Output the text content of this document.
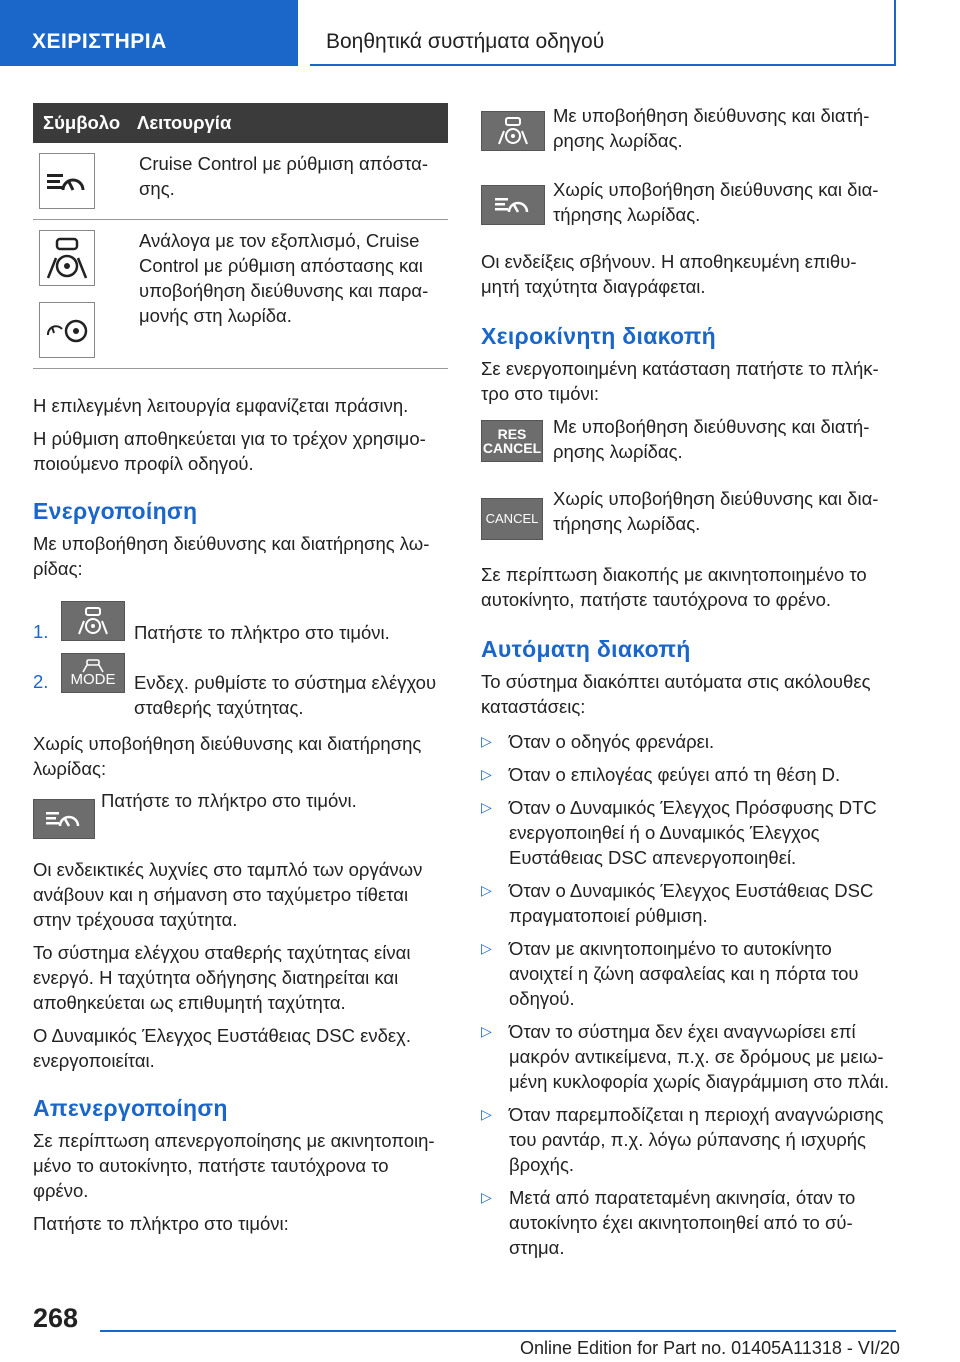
ΧΕΙΡΙΣΤΗΡΙΑ	Βοηθητικά συστήματα οδηγού
Σύμβολο	Λειτουργία

	Cruise Control με ρύθμιση απόστα-σης.

	Ανάλογα με τον εξοπλισμό, Cruise Control με ρύθμιση απόστασης και υποβοήθηση διεύθυνσης και παρα-μονής στη λωρίδα.
Η επιλεγμένη λειτουργία εμφανίζεται πράσινη.
Η ρύθμιση αποθηκεύεται για το τρέχον χρησιμο-ποιούμενο προφίλ οδηγού.
Ενεργοποίηση
Με υποβοήθηση διεύθυνσης και διατήρησης λω-ρίδας:
1.	Πατήστε το πλήκτρο στο τιμόνι.
2. MODE Ενδεχ. ρυθμίστε το σύστημα ελέγχου σταθερής ταχύτητας.
Χωρίς υποβοήθηση διεύθυνσης και διατήρησης λωρίδας:
Πατήστε το πλήκτρο στο τιμόνι.
Οι ενδεικτικές λυχνίες στο ταμπλό των οργάνων ανάβουν και η σήμανση στο ταχύμετρο τίθεται στην τρέχουσα ταχύτητα.
Το σύστημα ελέγχου σταθερής ταχύτητας είναι ενεργό. Η ταχύτητα οδήγησης διατηρείται και αποθηκεύεται ως επιθυμητή ταχύτητα.
Ο Δυναμικός Έλεγχος Ευστάθειας DSC ενδεχ. ενεργοποιείται.
Απενεργοποίηση
Σε περίπτωση απενεργοποίησης με ακινητοποιη-μένο το αυτοκίνητο, πατήστε ταυτόχρονα το φρένο.
Πατήστε το πλήκτρο στο τιμόνι:
Με υποβοήθηση διεύθυνσης και διατή-ρησης λωρίδας.
Χωρίς υποβοήθηση διεύθυνσης και δια-τήρησης λωρίδας.
Οι ενδείξεις σβήνουν. Η αποθηκευμένη επιθυ-μητή ταχύτητα διαγράφεται.
Χειροκίνητη διακοπή
Σε ενεργοποιημένη κατάσταση πατήστε το πλήκ-τρο στο τιμόνι:
RES
CANCEL
Με υποβοήθηση διεύθυνσης και διατή-ρησης λωρίδας.
CANCEL
Χωρίς υποβοήθηση διεύθυνσης και δια-τήρησης λωρίδας.
Σε περίπτωση διακοπής με ακινητοποιημένο το αυτοκίνητο, πατήστε ταυτόχρονα το φρένο.
Αυτόματη διακοπή
Το σύστημα διακόπτει αυτόματα στις ακόλουθες καταστάσεις:
▷ Όταν ο οδηγός φρενάρει.
▷ Όταν ο επιλογέας φεύγει από τη θέση D.
▷ Όταν ο Δυναμικός Έλεγχος Πρόσφυσης DTC ενεργοποιηθεί ή ο Δυναμικός Έλεγχος Ευστάθειας DSC απενεργοποιηθεί.
▷ Όταν ο Δυναμικός Έλεγχος Ευστάθειας DSC πραγματοποιεί ρύθμιση.
▷ Όταν με ακινητοποιημένο το αυτοκίνητο ανοιχτεί η ζώνη ασφαλείας και η πόρτα του οδηγού.
▷ Όταν το σύστημα δεν έχει αναγνωρίσει επί μακρόν αντικείμενα, π.χ. σε δρόμους με μειω-μένη κυκλοφορία χωρίς διαγράμμιση στο πλάι.
▷ Όταν παρεμποδίζεται η περιοχή αναγνώρισης του ραντάρ, π.χ. λόγω ρύπανσης ή ισχυρής βροχής.
▷ Μετά από παρατεταμένη ακινησία, όταν το αυτοκίνητο έχει ακινητοποιηθεί από το σύ-στημα.
268
Online Edition for Part no. 01405A11318 - VI/20
